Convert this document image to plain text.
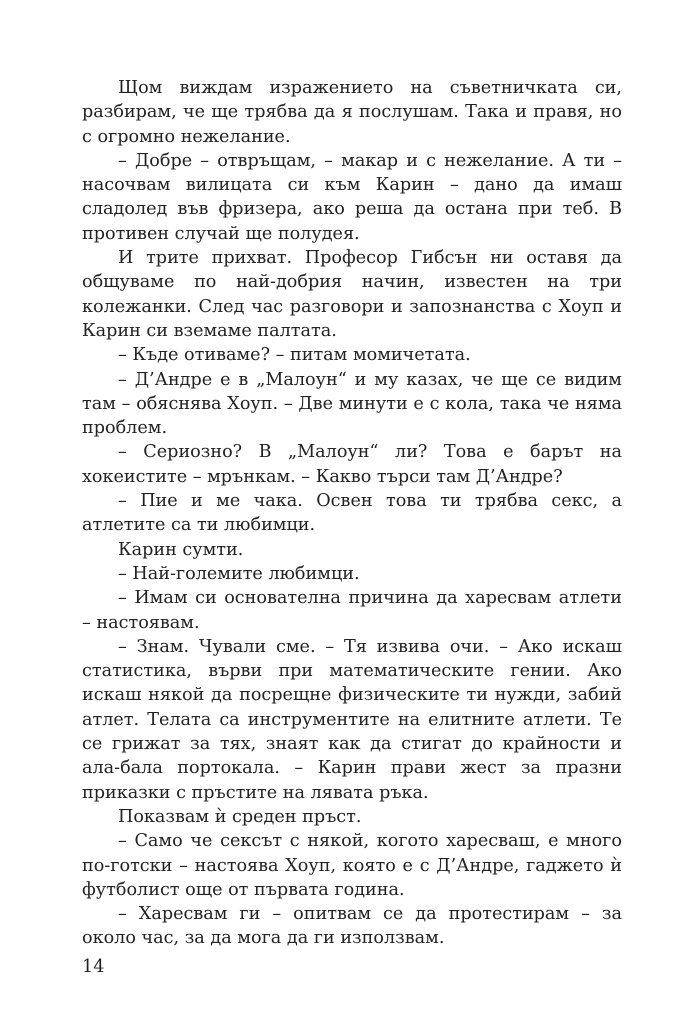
Щом виждам изражението на съветничката си, разбирам, че ще трябва да я послушам. Така и правя, но с огромно нежелание.

– Добре – отвръщам, – макар и с нежелание. А ти – насочвам вилицата си към Карин – дано да имаш сладолед във фризера, ако реша да остана при теб. В противен случай ще полудея.

И трите прихват. Професор Гибсън ни оставя да общуваме по най-добрия начин, известен на три колежанки. След час разговори и запознанства с Хоуп и Карин си вземаме палтата.

– Къде отиваме? – питам момичетата.

– Д’Андре е в „Малоун“ и му казах, че ще се видим там – обяснява Хоуп. – Две минути е с кола, така че няма проблем.

– Сериозно? В „Малоун“ ли? Това е барът на хокеистите – мрънкам. – Какво търси там Д’Андре?

– Пие и ме чака. Освен това ти трябва секс, а атлетите са ти любимци.

Карин сумти.

– Най-големите любимци.

– Имам си основателна причина да харесвам атлети – настоявам.

– Знам. Чували сме. – Тя извива очи. – Ако искаш статистика, върви при математическите гении. Ако искаш някой да посрещне физическите ти нужди, забий атлет. Телата са инструментите на елитните атлети. Те се грижат за тях, знаят как да стигат до крайности и ала-бала портокала. – Карин прави жест за празни приказки с пръстите на лявата ръка.

Показвам ѝ среден пръст.

– Само че сексът с някой, когото харесваш, е много по-готски – настоява Хоуп, която е с Д’Андре, гаджето ѝ футболист още от първата година.

– Харесвам ги – опитвам се да протестирам – за около час, за да мога да ги използвам.

14
